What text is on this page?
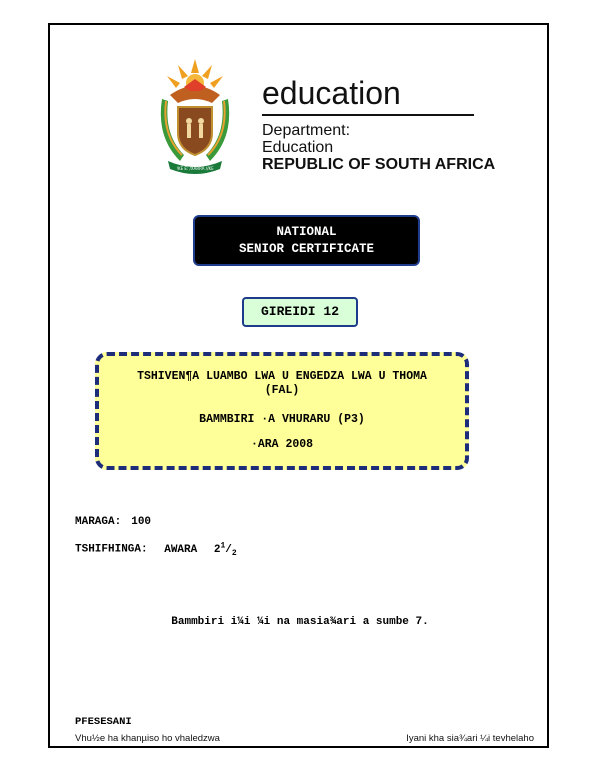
!KE E: /XARRA //KE
education
Department:
Education
REPUBLIC OF SOUTH AFRICA
NATIONAL
SENIOR CERTIFICATE
GIREIDI 12
TSHIVEN¶A LUAMBO LWA U ENGEDZA LWA U THOMA
(FAL)
BAMMBIRI ·A VHURARU (P3)
·ARA 2008
MARAGA: 100
TSHIFHINGA: AWARA $2^1/_2$
Bammbiri i¼i ¼i na masia¾ari a sumbe 7.
PFESESANI
Vhu½e ha khanµiso ho vhaledzwa	Iyani kha sia¾ari ¼i tevhelaho
